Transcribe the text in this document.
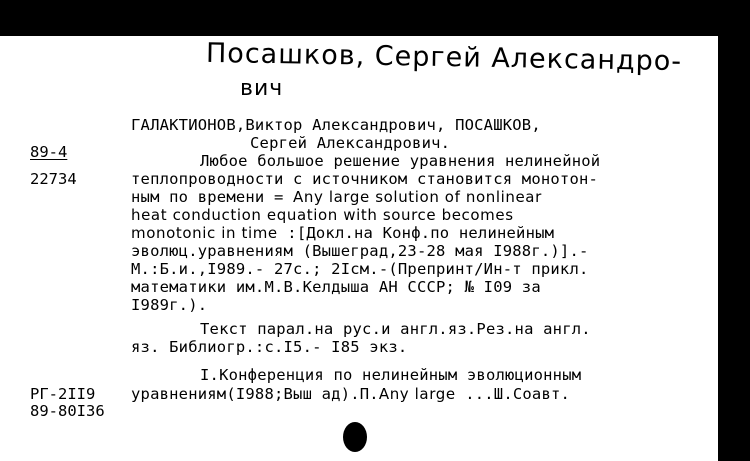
Посашков, Сергей Александро-
вич
89-4
22734
ГАЛАКТИОНОВ,Виктор Александрович, ПОСАШКОВ,
Сергей Александрович.
Любое большое решение уравнения нелинейной
теплопроводности с источником становится монотон-
ным по времени = Any large solution of nonlinear
heat conduction equation with source becomes
monotonic in time :[Докл.на Конф.по нелинейным
эволюц.уравнениям (Вышеград,23-28 мая I988г.)].-
М.:Б.и.,I989.- 27с.; 2Iсм.-(Препринт/Ин-т прикл.
математики им.М.В.Келдыша АН СССР; № I09 за
I989г.).
Текст парал.на рус.и англ.яз.Рез.на англ.
яз. Библиогр.:с.I5.- I85 экз.
I.Конференция по нелинейным эволюционным
уравнениям(I988;Выш ад).П.Any large ...Ш.Соавт.
РГ-2II9
89-80I36
